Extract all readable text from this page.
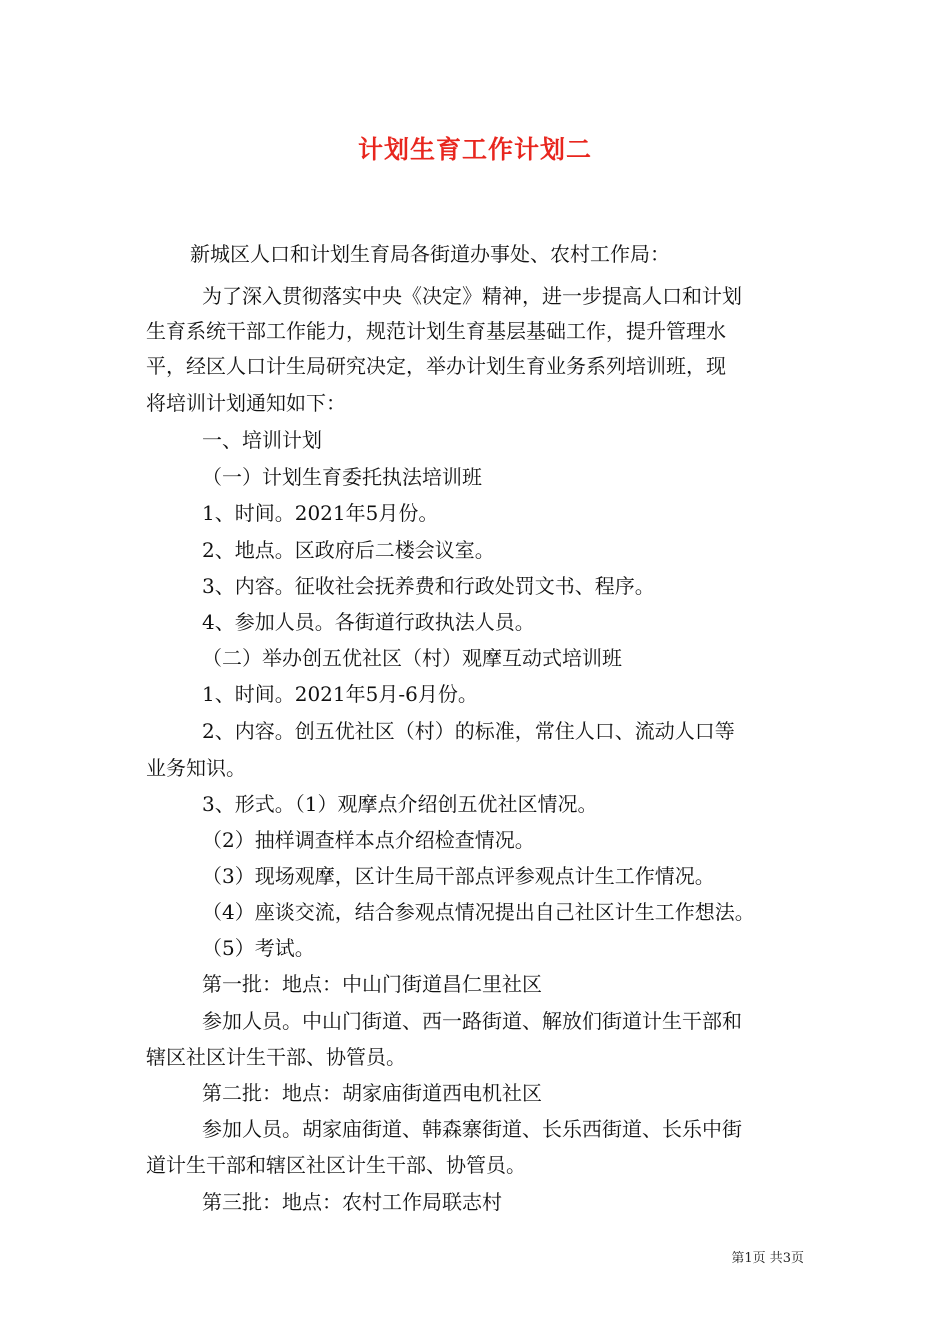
计划生育工作计划二

新城区人口和计划生育局各街道办事处、农村工作局：

为了深入贯彻落实中央《决定》精神，进一步提高人口和计划

生育系统干部工作能力，规范计划生育基层基础工作，提升管理水

平，经区人口计生局研究决定，举办计划生育业务系列培训班，现

将培训计划通知如下：

一、培训计划

（一）计划生育委托执法培训班

1、时间。2021年5月份。

2、地点。区政府后二楼会议室。

3、内容。征收社会抚养费和行政处罚文书、程序。

4、参加人员。各街道行政执法人员。

（二）举办创五优社区（村）观摩互动式培训班

1、时间。2021年5月-6月份。

2、内容。创五优社区（村）的标准，常住人口、流动人口等

业务知识。

3、形式。（1）观摩点介绍创五优社区情况。

（2）抽样调查样本点介绍检查情况。

（3）现场观摩，区计生局干部点评参观点计生工作情况。

（4）座谈交流，结合参观点情况提出自己社区计生工作想法。

（5）考试。

第一批：地点：中山门街道昌仁里社区

参加人员。中山门街道、西一路街道、解放们街道计生干部和

辖区社区计生干部、协管员。

第二批：地点：胡家庙街道西电机社区

参加人员。胡家庙街道、韩森寨街道、长乐西街道、长乐中街

道计生干部和辖区社区计生干部、协管员。

第三批：地点：农村工作局联志村

第1页 共3页
